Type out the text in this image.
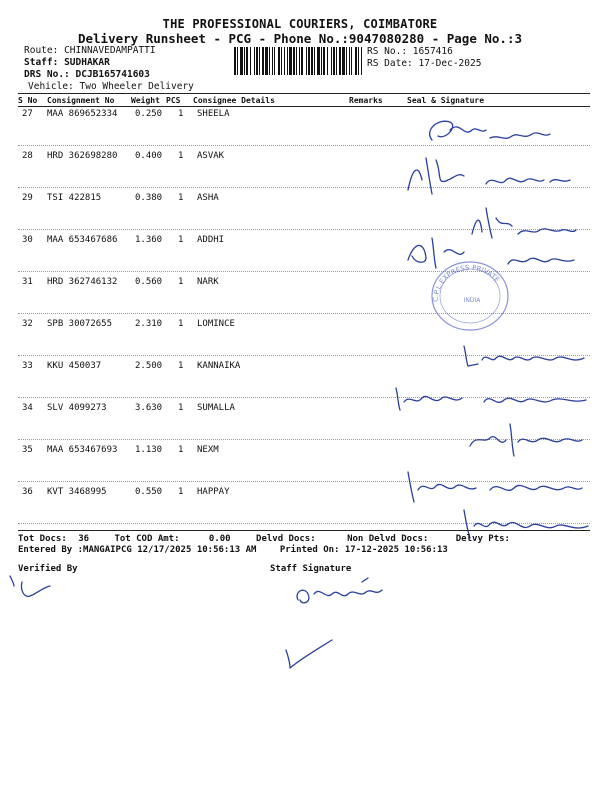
THE PROFESSIONAL COURIERS, COIMBATORE
Delivery Runsheet - PCG - Phone No.:9047080280 - Page No.:3
Route: CHINNAVEDAMPATTI
Staff: SUDHAKAR
DRS No.: DCJB165741603
Vehicle: Two Wheeler Delivery
RS No.: 1657416
RS Date: 17-Dec-2025
S No Consignment No Weight PCS Consignee Details	Remarks	Seal & Signature
27 MAA 869652334 0.250 1 SHEELA
28 HRD 362698280 0.400 1 ASVAK
29 TSI 422815	0.380 1 ASHA
30 MAA 653467686 1.360 1 ADDHI
31 HRD 362746132 0.560 1 NARK
32 SPB 30072655	2.310 1 LOMINCE
33 KKU 450037	2.500 1 KANNAIKA
34 SLV 4099273	3.630 1 SUMALLA
35 MAA 653467693 1.130 1 NEXM
36 KVT 3468995	0.550 1 HAPPAY
C.P.L EXPRESS PRIVATE
INDIA
Tot Docs: 36	Tot COD Amt:	0.00	Delvd Docs:	Non Delvd Docs:	Delvy Pts:
Entered By :MANGAIPCG 12/17/2025 10:56:13 AM	Printed On: 17-12-2025 10:56:13
Verified By	Staff Signature
